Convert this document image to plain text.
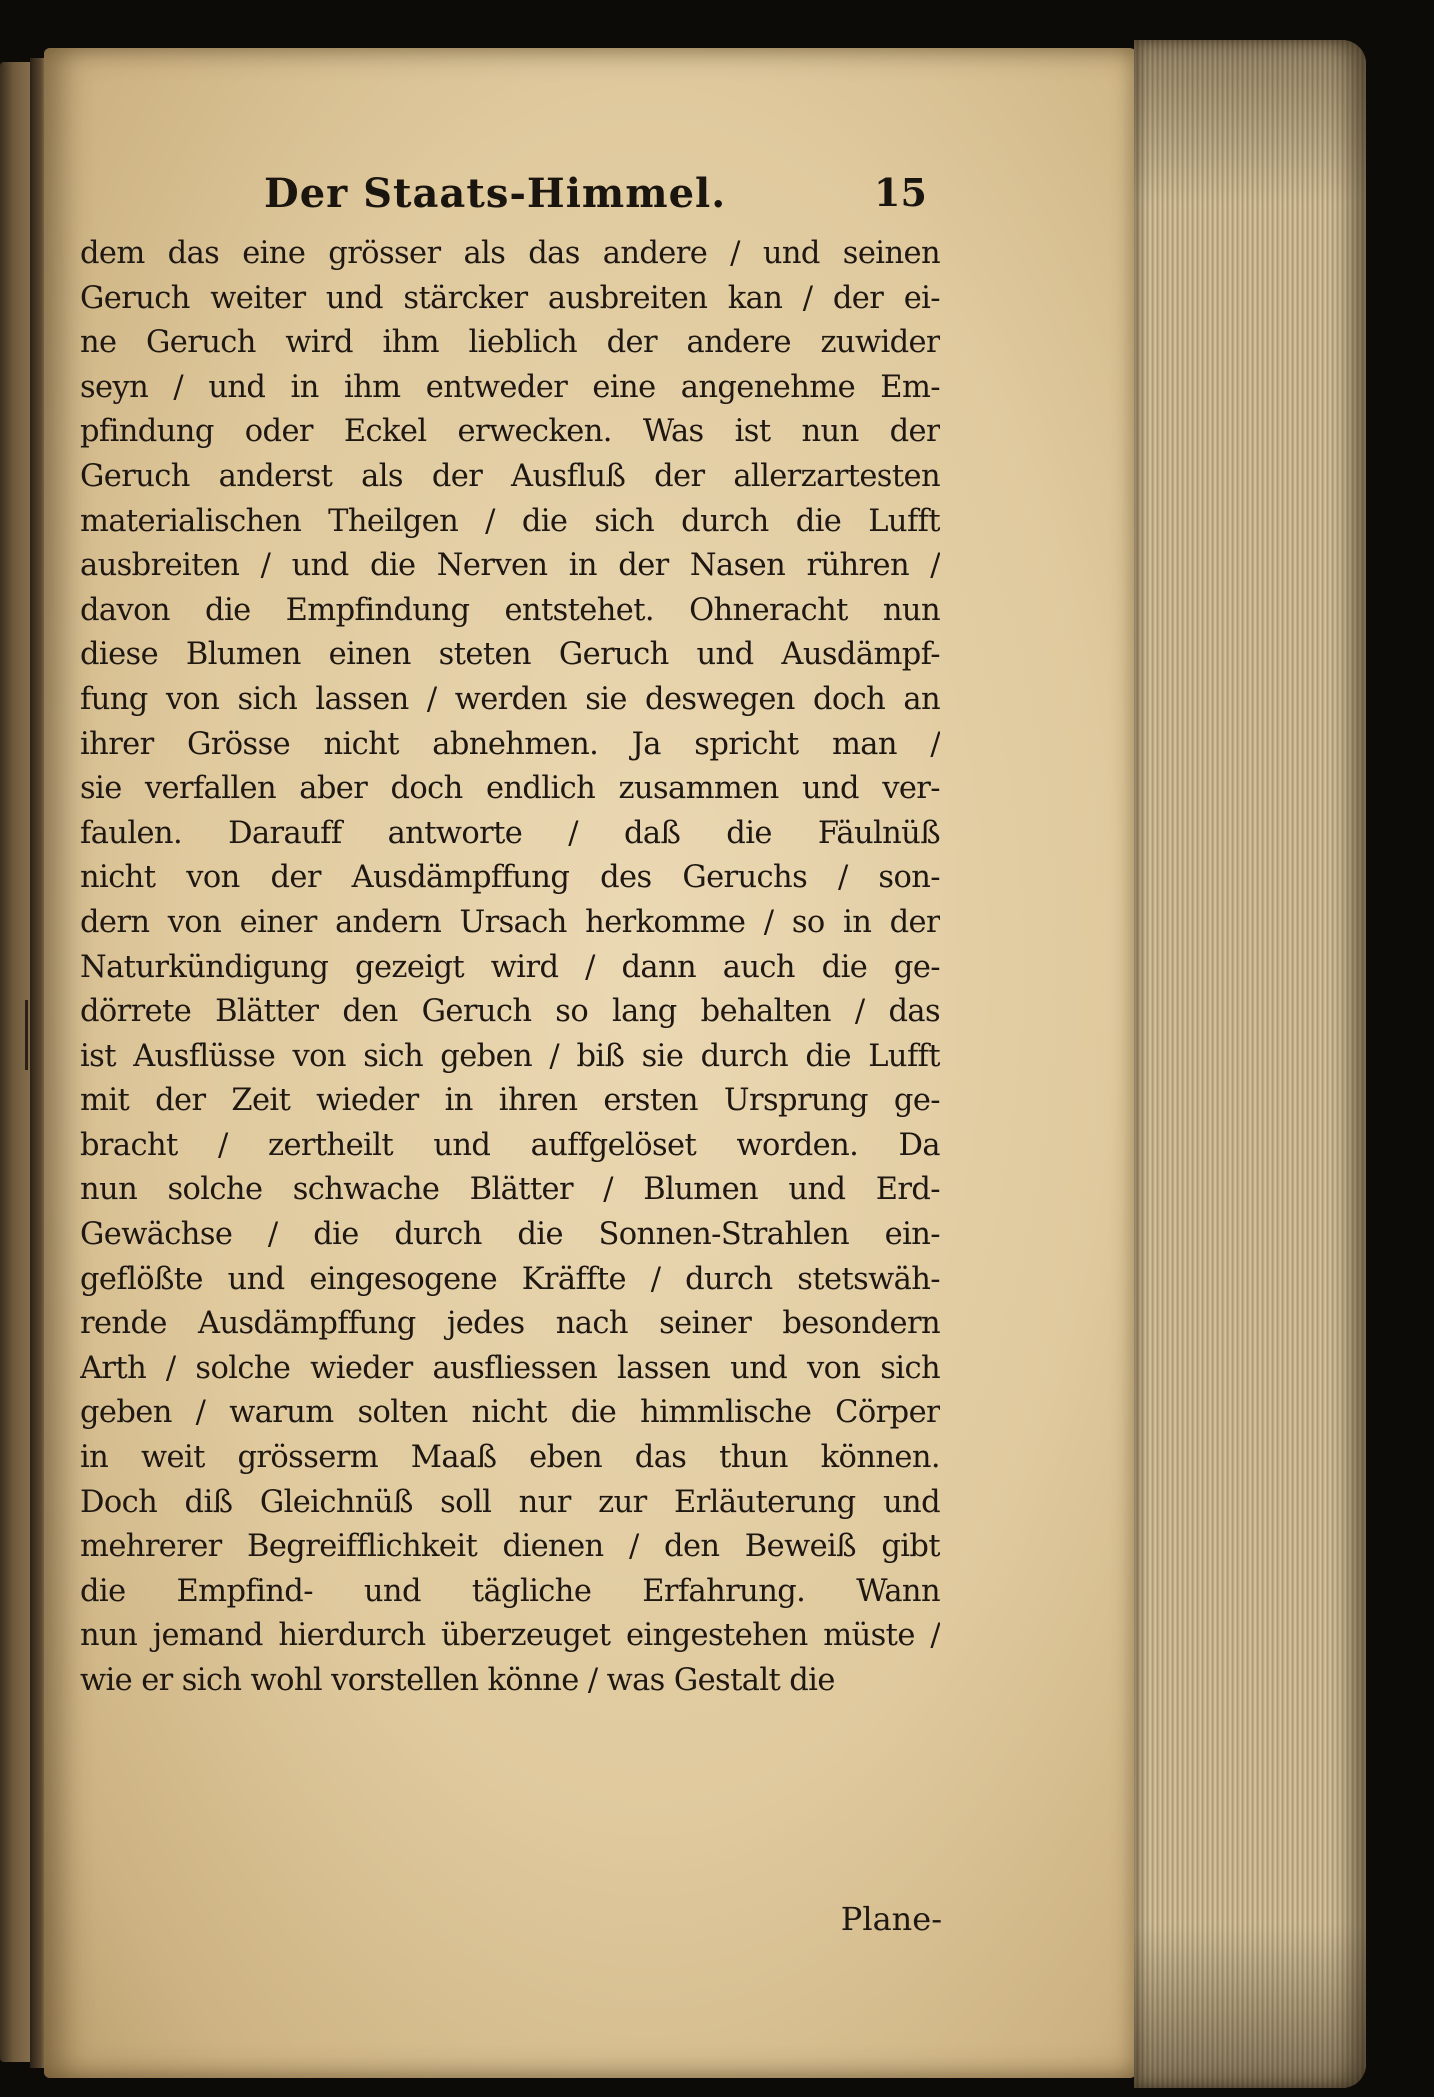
Der Staats-Himmel.	15
dem das eine grösser als das andere / und seinen
Geruch weiter und stärcker ausbreiten kan / der ei-
ne Geruch wird ihm lieblich der andere zuwider
seyn / und in ihm entweder eine angenehme Em-
pfindung oder Eckel erwecken. Was ist nun der
Geruch anderst als der Ausfluß der allerzartesten
materialischen Theilgen / die sich durch die Lufft
ausbreiten / und die Nerven in der Nasen rühren /
davon die Empfindung entstehet. Ohneracht nun
diese Blumen einen steten Geruch und Ausdämpf-
fung von sich lassen / werden sie deswegen doch an
ihrer Grösse nicht abnehmen. Ja spricht man /
sie verfallen aber doch endlich zusammen und ver-
faulen. Darauff antworte / daß die Fäulnüß
nicht von der Ausdämpffung des Geruchs / son-
dern von einer andern Ursach herkomme / so in der
Naturkündigung gezeigt wird / dann auch die ge-
dörrete Blätter den Geruch so lang behalten / das
ist Ausflüsse von sich geben / biß sie durch die Lufft
mit der Zeit wieder in ihren ersten Ursprung ge-
bracht / zertheilt und auffgelöset worden. Da
nun solche schwache Blätter / Blumen und Erd-
Gewächse / die durch die Sonnen-Strahlen ein-
geflößte und eingesogene Kräffte / durch stetswäh-
rende Ausdämpffung jedes nach seiner besondern
Arth / solche wieder ausfliessen lassen und von sich
geben / warum solten nicht die himmlische Cörper
in weit grösserm Maaß eben das thun können.
Doch diß Gleichnüß soll nur zur Erläuterung und
mehrerer Begreifflichkeit dienen / den Beweiß gibt
die Empfind- und tägliche Erfahrung. Wann
nun jemand hierdurch überzeuget eingestehen müste /
wie er sich wohl vorstellen könne / was Gestalt die
Plane-
